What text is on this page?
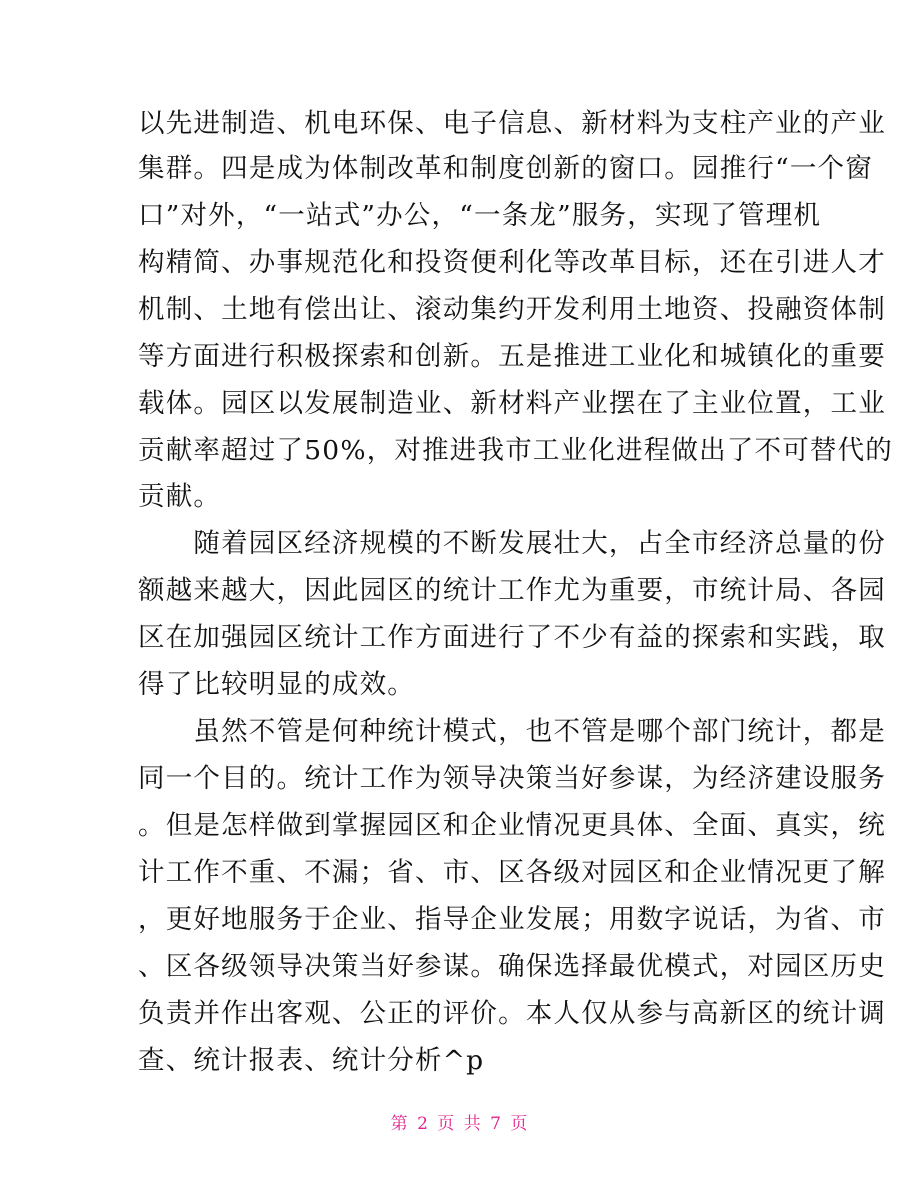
以先进制造、机电环保、电子信息、新材料为支柱产业的产业
集群。四是成为体制改革和制度创新的窗口。园推行“一个窗
口”对外，“一站式”办公，“一条龙”服务，实现了管理机
构精简、办事规范化和投资便利化等改革目标，还在引进人才
机制、土地有偿出让、滚动集约开发利用土地资、投融资体制
等方面进行积极探索和创新。五是推进工业化和城镇化的重要
载体。园区以发展制造业、新材料产业摆在了主业位置，工业
贡献率超过了50%，对推进我市工业化进程做出了不可替代的
贡献。
　　随着园区经济规模的不断发展壮大，占全市经济总量的份
额越来越大，因此园区的统计工作尤为重要，市统计局、各园
区在加强园区统计工作方面进行了不少有益的探索和实践，取
得了比较明显的成效。
　　虽然不管是何种统计模式，也不管是哪个部门统计，都是
同一个目的。统计工作为领导决策当好参谋，为经济建设服务
。但是怎样做到掌握园区和企业情况更具体、全面、真实，统
计工作不重、不漏；省、市、区各级对园区和企业情况更了解
，更好地服务于企业、指导企业发展；用数字说话，为省、市
、区各级领导决策当好参谋。确保选择最优模式，对园区历史
负责并作出客观、公正的评价。本人仅从参与高新区的统计调
查、统计报表、统计分析^p
第 2 页 共 7 页
